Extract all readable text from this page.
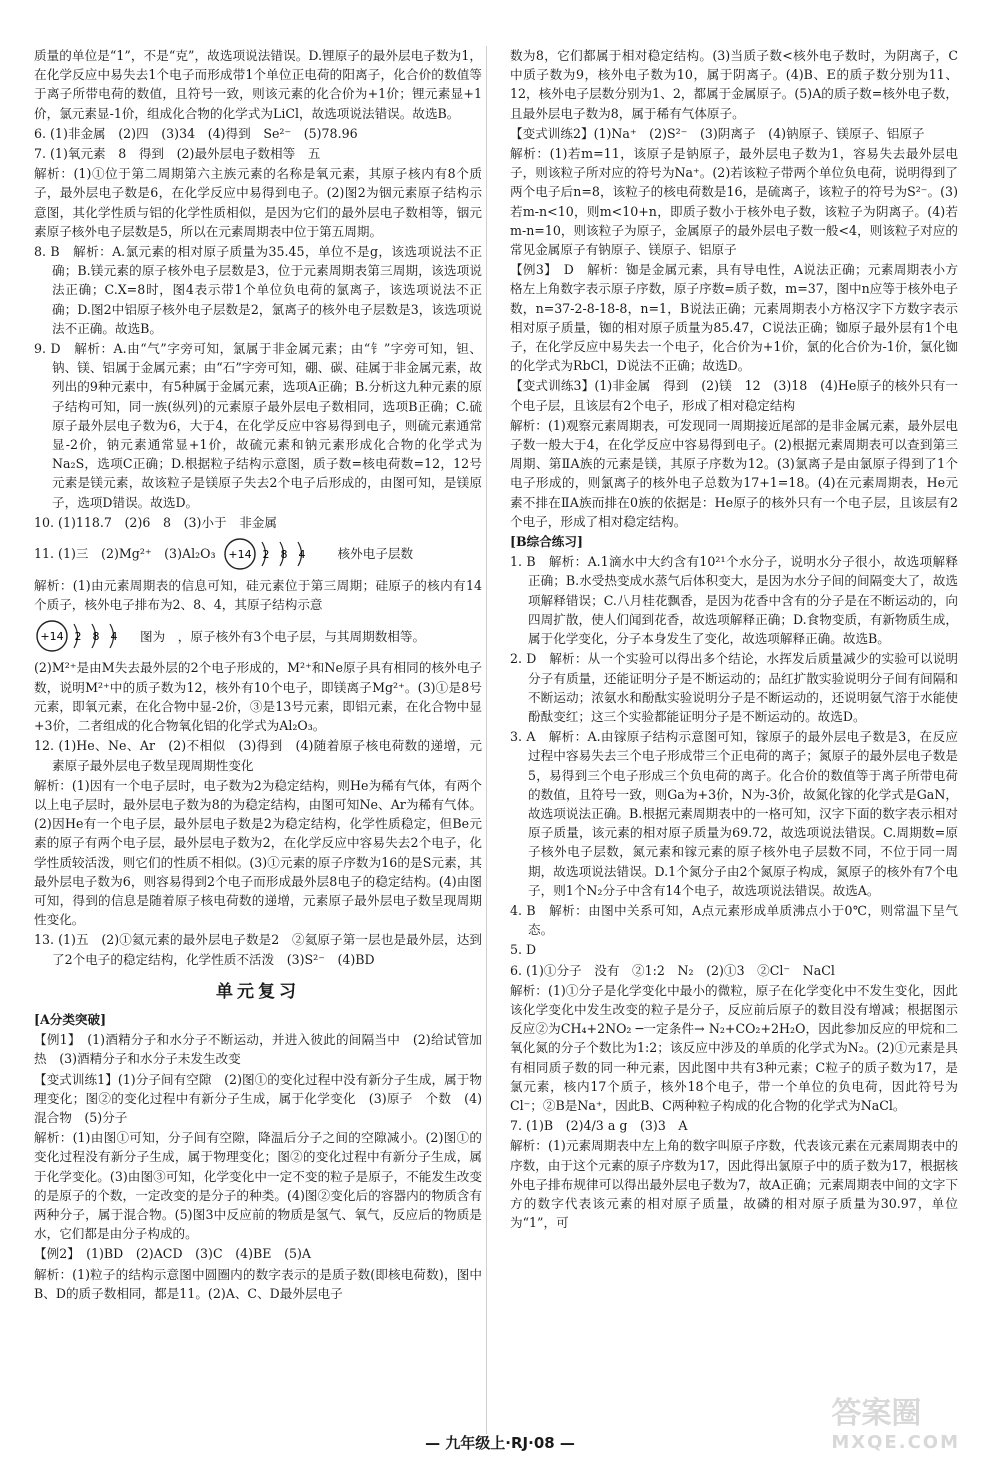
质量的单位是“1”，不是“克”，故选项说法错误。D.锂原子的最外层电子数为1，在化学反应中易失去1个电子而形成带1个单位正电荷的阳离子，化合价的数值等于离子所带电荷的数值，且符号一致，则该元素的化合价为+1价；锂元素显+1价，氯元素显-1价，组成化合物的化学式为LiCl，故选项说法错误。故选B。

6. (1)非金属　(2)四　(3)34　(4)得到　Se²⁻　(5)78.96

7. (1)氧元素　8　得到　(2)最外层电子数相等　五

解析：(1)①位于第二周期第六主族元素的名称是氧元素，其原子核内有8个质子，最外层电子数是6，在化学反应中易得到电子。(2)图2为铟元素原子结构示意图，其化学性质与铝的化学性质相似，是因为它们的最外层电子数相等，铟元素原子核外电子层数是5，所以在元素周期表中位于第五周期。

8. B　解析：A.氯元素的相对原子质量为35.45，单位不是g，该选项说法不正确；B.镁元素的原子核外电子层数是3，位于元素周期表第三周期，该选项说法正确；C.X=8时，图4表示带1个单位负电荷的氯离子，该选项说法不正确；D.图2中铝原子核外电子层数是2，氯离子的核外电子层数是3，该选项说法不正确。故选B。

9. D　解析：A.由“气”字旁可知，氯属于非金属元素；由“钅”字旁可知，钽、钠、镁、铝属于金属元素；由“石”字旁可知，硼、碳、硅属于非金属元素，故列出的9种元素中，有5种属于金属元素，选项A正确；B.分析这九种元素的原子结构可知，同一族(纵列)的元素原子最外层电子数相同，选项B正确；C.硫原子最外层电子数为6，大于4，在化学反应中容易得到电子，则硫元素通常显-2价，钠元素通常显+1价，故硫元素和钠元素形成化合物的化学式为Na₂S，选项C正确；D.根据粒子结构示意图，质子数=核电荷数=12，12号元素是镁元素，故该粒子是镁原子失去2个电子后形成的，由图可知，是镁原子，选项D错误。故选D。

10. (1)118.7　(2)6　8　(3)小于　非金属

11. (1)三　(2)Mg²⁺　(3)Al₂O₃ +14 2 8 4	核外电子层数

解析：(1)由元素周期表的信息可知，硅元素位于第三周期；硅原子的核内有14个质子，核外电子排布为2、8、4，其原子结构示意

+14 2 8 4 图为　，原子核外有3个电子层，与其周期数相等。

(2)M²⁺是由M失去最外层的2个电子形成的，M²⁺和Ne原子具有相同的核外电子数，说明M²⁺中的质子数为12，核外有10个电子，即镁离子Mg²⁺。(3)①是8号元素，即氧元素，在化合物中显-2价，③是13号元素，即铝元素，在化合物中显+3价，二者组成的化合物氧化铝的化学式为Al₂O₃。

12. (1)He、Ne、Ar　(2)不相似　(3)得到　(4)随着原子核电荷数的递增，元素原子最外层电子数呈现周期性变化

解析：(1)因有一个电子层时，电子数为2为稳定结构，则He为稀有气体，有两个以上电子层时，最外层电子数为8的为稳定结构，由图可知Ne、Ar为稀有气体。(2)因He有一个电子层，最外层电子数是2为稳定结构，化学性质稳定，但Be元素的原子有两个电子层，最外层电子数为2，在化学反应中容易失去2个电子，化学性质较活泼，则它们的性质不相似。(3)①元素的原子序数为16的是S元素，其最外层电子数为6，则容易得到2个电子而形成最外层8电子的稳定结构。(4)由图可知，得到的信息是随着原子核电荷数的递增，元素原子最外层电子数呈现周期性变化。

13. (1)五　(2)①氦元素的最外层电子数是2　②氦原子第一层也是最外层，达到了2个电子的稳定结构，化学性质不活泼　(3)S²⁻　(4)BD

单元复习

[A分类突破]

【例1】　(1)酒精分子和水分子不断运动，并进入彼此的间隔当中　(2)给试管加热　(3)酒精分子和水分子未发生改变

【变式训练1】(1)分子间有空隙　(2)图①的变化过程中没有新分子生成，属于物理变化；图②的变化过程中有新分子生成，属于化学变化　(3)原子　个数　(4)混合物　(5)分子

解析：(1)由图①可知，分子间有空隙，降温后分子之间的空隙减小。(2)图①的变化过程没有新分子生成，属于物理变化；图②的变化过程中有新分子生成，属于化学变化。(3)由图③可知，化学变化中一定不变的粒子是原子，不能发生改变的是原子的个数，一定改变的是分子的种类。(4)图②变化后的容器内的物质含有两种分子，属于混合物。(5)图3中反应前的物质是氢气、氧气，反应后的物质是水，它们都是由分子构成的。

【例2】　(1)BD　(2)ACD　(3)C　(4)BE　(5)A

解析：(1)粒子的结构示意图中圆圈内的数字表示的是质子数(即核电荷数)，图中B、D的质子数相同，都是11。(2)A、C、D最外层电子

数为8，它们都属于相对稳定结构。(3)当质子数<核外电子数时，为阴离子，C中质子数为9，核外电子数为10，属于阴离子。(4)B、E的质子数分别为11、12，核外电子层数分别为1、2，都属于金属原子。(5)A的质子数=核外电子数，且最外层电子数为8，属于稀有气体原子。

【变式训练2】(1)Na⁺　(2)S²⁻　(3)阴离子　(4)钠原子、镁原子、铝原子

解析：(1)若m=11，该原子是钠原子，最外层电子数为1，容易失去最外层电子，则该粒子所对应的符号为Na⁺。(2)若该粒子带两个单位负电荷，说明得到了两个电子后n=8，该粒子的核电荷数是16，是硫离子，该粒子的符号为S²⁻。(3)若m-n<10，则m<10+n，即质子数小于核外电子数，该粒子为阴离子。(4)若m-n=10，则该粒子为原子，金属原子的最外层电子数一般<4，则该粒子对应的常见金属原子有钠原子、镁原子、铝原子

【例3】　D　解析：铷是金属元素，具有导电性，A说法正确；元素周期表小方格左上角数字表示原子序数，原子序数=质子数，m=37，图中n应等于核外电子数，n=37-2-8-18-8，n=1，B说法正确；元素周期表小方格汉字下方数字表示相对原子质量，铷的相对原子质量为85.47，C说法正确；铷原子最外层有1个电子，在化学反应中易失去一个电子，化合价为+1价，氯的化合价为-1价，氯化铷的化学式为RbCl，D说法不正确；故选D。

【变式训练3】(1)非金属　得到　(2)镁　12　(3)18　(4)He原子的核外只有一个电子层，且该层有2个电子，形成了相对稳定结构

解析：(1)观察元素周期表，可发现同一周期接近尾部的是非金属元素，最外层电子数一般大于4，在化学反应中容易得到电子。(2)根据元素周期表可以查到第三周期、第ⅡA族的元素是镁，其原子序数为12。(3)氯离子是由氯原子得到了1个电子形成的，则氯离子的核外电子总数为17+1=18。(4)在元素周期表，He元素不排在ⅡA族而排在0族的依据是：He原子的核外只有一个电子层，且该层有2个电子，形成了相对稳定结构。

[B综合练习]

1. B　解析：A.1滴水中大约含有10²¹个水分子，说明水分子很小，故选项解释正确；B.水受热变成水蒸气后体积变大，是因为水分子间的间隔变大了，故选项解释错误；C.八月桂花飘香，是因为花香中含有的分子是在不断运动的，向四周扩散，使人们闻到花香，故选项解释正确；D.食物变质，有新物质生成，属于化学变化，分子本身发生了变化，故选项解释正确。故选B。

2. D　解析：从一个实验可以得出多个结论，水挥发后质量减少的实验可以说明分子有质量，还能证明分子是不断运动的；品红扩散实验说明分子间有间隔和不断运动；浓氨水和酚酞实验说明分子是不断运动的，还说明氨气溶于水能使酚酞变红；这三个实验都能证明分子是不断运动的。故选D。

3. A　解析：A.由镓原子结构示意图可知，镓原子的最外层电子数是3，在反应过程中容易失去三个电子形成带三个正电荷的离子；氮原子的最外层电子数是5，易得到三个电子形成三个负电荷的离子。化合价的数值等于离子所带电荷的数值，且符号一致，则Ga为+3价，N为-3价，故氮化镓的化学式是GaN，故选项说法正确。B.根据元素周期表中的一格可知，汉字下面的数字表示相对原子质量，该元素的相对原子质量为69.72，故选项说法错误。C.周期数=原子核外电子层数，氮元素和镓元素的原子核外电子层数不同，不位于同一周期，故选项说法错误。D.1个氮分子由2个氮原子构成，氮原子的核外有7个电子，则1个N₂分子中含有14个电子，故选项说法错误。故选A。

4. B　解析：由图中关系可知，A点元素形成单质沸点小于0℃，则常温下呈气态。

5. D

6. (1)①分子　没有　②1:2　N₂　(2)①3　②Cl⁻　NaCl

解析：(1)①分子是化学变化中最小的微粒，原子在化学变化中不发生变化，因此该化学变化中发生改变的粒子是分子，反应前后原子的数目没有增减；根据图示反应②为CH₄+2NO₂ ─一定条件→ N₂+CO₂+2H₂O，因此参加反应的甲烷和二氧化氮的分子个数比为1:2；该反应中涉及的单质的化学式为N₂。(2)①元素是具有相同质子数的同一种元素，因此图中共有3种元素；C粒子的质子数为17，是氯元素，核内17个质子，核外18个电子，带一个单位的负电荷，因此符号为Cl⁻；②B是Na⁺，因此B、C两种粒子构成的化合物的化学式为NaCl。

7. (1)B　(2)4/3 a g　(3)3　A

解析：(1)元素周期表中左上角的数字叫原子序数，代表该元素在元素周期表中的序数，由于这个元素的原子序数为17，因此得出氯原子中的质子数为17，根据核外电子排布规律可以得出最外层电子数为7，故A正确；元素周期表中间的文字下方的数字代表该元素的相对原子质量，故磷的相对原子质量为30.97，单位为“1”，可

— 九年级上·RJ·08 —
答案圈
MXQE.COM
